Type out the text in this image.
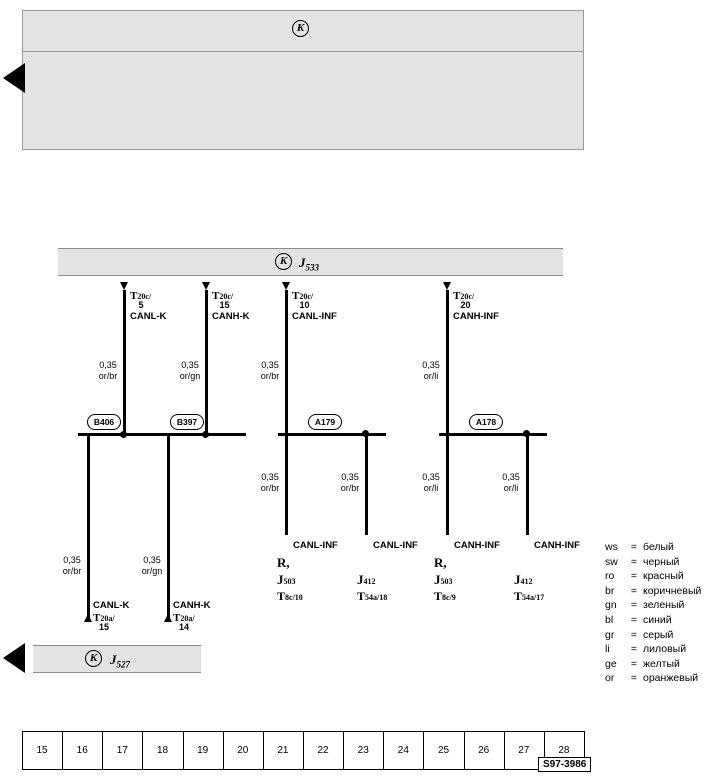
K
K $J_{533}$
T20c/
5
CANL-K
0,35
or/br
B406
0,35
or/br
CANL-K
T20a/
15
T20c/
15
CANH-K
0,35
or/gn
B397
0,35
or/gn
CANH-K
T20a/
14
T20c/
10
CANL-INF
0,35
or/br
A179
0,35
or/br
CANL-INF
R,
J503
T8c/10
0,35
or/br
CANL-INF
J412
T54a/18
T20c/
20
CANH-INF
0,35
or/li
A178
0,35
or/li
CANH-INF
R,
J503
T8c/9
0,35
or/li
CANH-INF
J412
T54a/17
K $J_{527}$
ws	=	белый
sw	=	черный
ro	=	красный
br	=	коричневый
gn	=	зеленый
bl	=	синий
gr	=	серый
li	=	лиловый
ge	=	желтый
or	=	оранжевый
15	16	17	18	19	20	21	22	23	24	25	26	27	28
S97-3986
